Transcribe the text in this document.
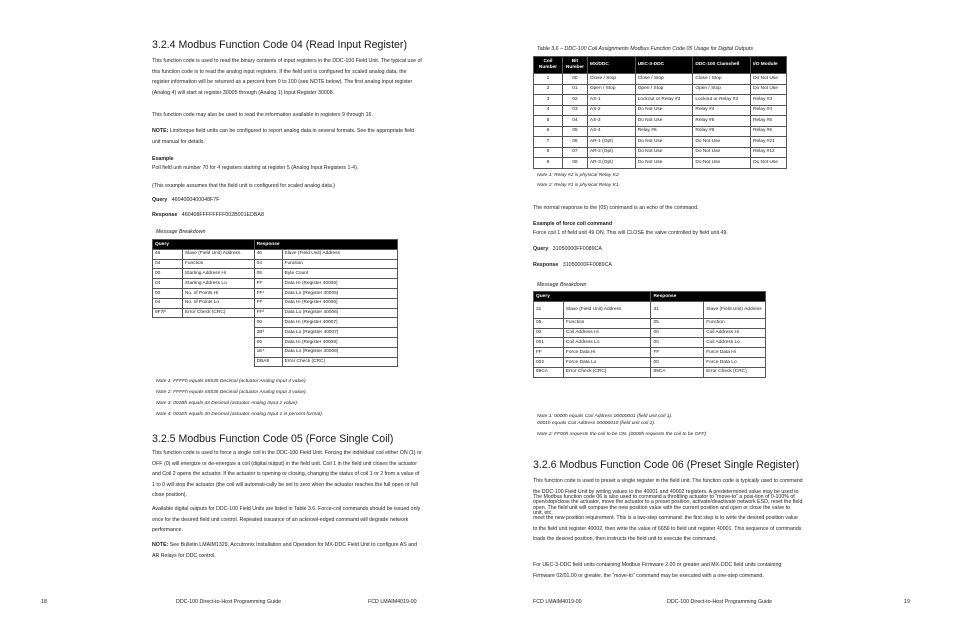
3.2.4 Modbus Function Code 04 (Read Input Register)

This function code is used to read the binary contents of input registers in the DDC-100 Field Unit. The typical use of this function code is to read the analog input registers. If the field unit is configured for scaled analog data, the register information will be returned as a percent from 0 to 100 (see NOTE below). The first analog input register (Analog 4) will start at register 30005 through (Analog 1) Input Register 30008.

This function code may also be used to read the information available in registers 9 through 16.

NOTE: Limitorque field units can be configured to report analog data in several formats. See the appropriate field unit manual for details.

Example

Poll field unit number 70 for 4 registers starting at register 5 (Analog Input Registers 1-4).

(This example assumes that the field unit is configured for scaled analog data.)

Query 4604000400048F7F
Response 460408FFFFFFFF002B001EDBA8
Message Breakdown
Query		Response	
46	Slave (Field Unit) Address	46	Slave (Field Unit) Address
04	Function	04	Function
00	Starting Address Hi	08	Byte Count
04	Starting Address Lo	FF	Data Hi (Register 40005)
00	No. of Points Hi	FF¹	Data Lo (Register 40005)
04	No. of Points Lo	FF	Data Hi (Register 40006)
8F7F	Error Check (CRC)	FF²	Data Lo (Register 40006)
		00	Data Hi (Register 40007)
		2B³	Data Lo (Register 40007)
		00	Data Hi (Register 40008)
		1E⁴	Data Lo (Register 40008)
		DBA8	Error Check (CRC)
Note 1: FFFFh equals 65535 Decimal (actuator Analog Input 4 value).
Note 2: FFFFh equals 65535 Decimal (actuator Analog Input 3 value).
Note 3: 002Bh equals 43 Decimal (actuator Analog Input 2 value).
Note 4: 001Eh equals 30 Decimal (actuator Analog Input 1 in percent format).
3.2.5 Modbus Function Code 05 (Force Single Coil)

This function code is used to force a single coil in the DDC-100 Field Unit. Forcing the individual coil either ON (1) or OFF (0) will energize or de-energize a coil (digital output) in the field unit. Coil 1 in the field unit closes the actuator and Coil 2 opens the actuator. If the actuator is opening or closing, changing the status of coil 1 or 2 from a value of 1 to 0 will stop the actuator (the coil will automati-cally be set to zero when the actuator reaches the full open or full close position).

Available digital outputs for DDC-100 Field Units are listed in Table 3.6. Force-coil commands should be issued only once for the desired field unit control. Repeated issuance of an acknowl-edged command will degrade network performance.

NOTE: See Bulletin LMAIM1329, Accutronix Installation and Operation for MX-DDC Field Unit to configure AS and AR Relays for DDC control.

18	DDC-100 Direct-to-Host Programming Guide	FCD LMAIM4019-00
Table 3.6 – DDC-100 Coil Assignments Modbus Function Code 05 Usage for Digital Outputs
Coil Number	Bit Number	MX/DDC	UEC-3-DDC	DDC-100 Clamshell	I/O Module
1	00	Close / Stop	Close / Stop	Close / Stop	Do Not Use
2	01	Open / Stop	Open / Stop	Open / Stop	Do Not Use
3	02	AS-1	Lockout or Relay #3	Lockout or Relay #3	Relay #3
4	03	AS-2	Do Not Use	Relay #4	Relay #4
5	04	AS-3	Do Not Use	Relay #5	Relay #5
6	05	AS-4	Relay #6	Relay #6	Relay #6
7	06	AR-1 (Opt)	Do Not Use	Do Not Use	Relay #21
8	07	AR-2 (Opt)	Do Not Use	Do Not Use	Relay #12
9	08	AR-3 (Opt)	Do Not Use	Do Not Use	Do Not Use
Note 1: Relay #2 is physical Relay K2.
Note 2: Relay #1 is physical Relay K1.

The normal response to the (05) command is an echo of the command.

Example of force coil command

Force coil 1 of field unit 49 ON. This will CLOSE the valve controlled by field unit 49.

Query 31050000FF0089CA
Response 31050000FF0089CA
Message Breakdown
Query		Response	
31	Slave (Field Unit) Address	31	Slave (Field Unit) Address
05	Function	05	Function
00	Coil Address Hi	00	Coil Address Hi
001	Coil Address Lo	00	Coil Address Lo
FF	Force Data Hi	FF	Force Data Hi
002	Force Data Lo	00	Force Data Lo
89CA	Error Check (CRC)	89CA	Error Check (CRC)
Note 1: 0000h equals Coil Address 00000001 (field unit coil 1).
0001h equals Coil Address 00000010 (field unit coil 2).
Note 2: FF00h requests the coil to be ON. (0000h requests the coil to be OFF)
3.2.6 Modbus Function Code 06 (Preset Single Register)

This function code is used to preset a single register in the field unit. The function code is typically used to command the DDC-100 Field Unit by writing values to the 40001 and 40002 registers. A predetermined value may be used to open/stop/close the actuator, move the actuator to a preset position, activate/deactivate network ESD, reset the field unit, etc.

The Modbus function code 06 is also used to command a throttling actuator to “move-to” a posi-tion of 0-100% of open. The field unit will compare the new position value with the current position and open or close the valve to meet the new position requirement. This is a two-step command: the first step is to write the desired position value to the field unit register 40002, then write the value of 6656 to field unit register 40001. This sequence of commands loads the desired position, then instructs the field unit to execute the command.

For UEC-3-DDC field units containing Modbus Firmware 2.00 or greater and MX-DDC field units containing Firmware 02/01.00 or greater, the “move-to” command may be executed with a one-step command.

FCD LMAIM4019-00	DDC-100 Direct-to-Host Programming Guide	19
